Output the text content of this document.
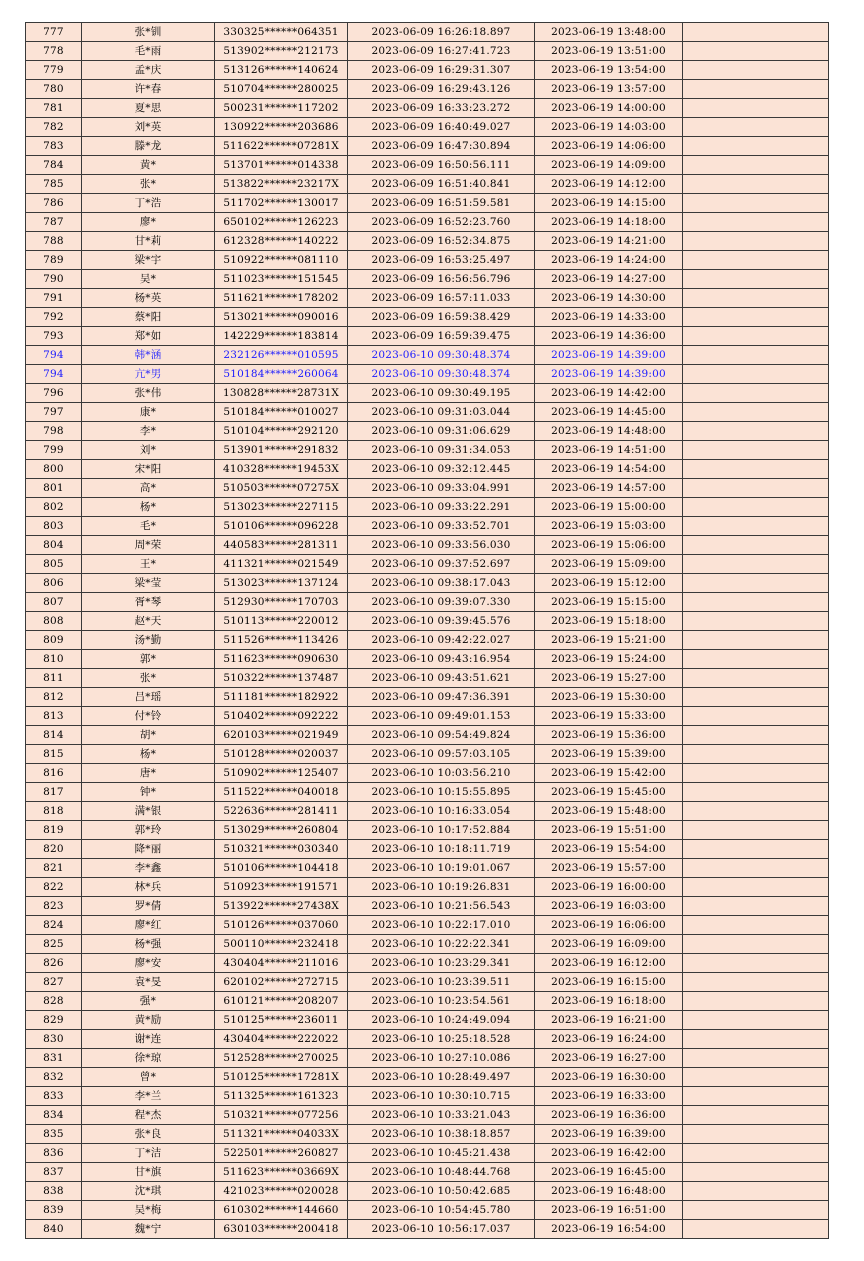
777	张*钏	330325******064351	2023-06-09 16:26:18.897	2023-06-19 13:48:00	
778	毛*雨	513902******212173	2023-06-09 16:27:41.723	2023-06-19 13:51:00	
779	孟*庆	513126******140624	2023-06-09 16:29:31.307	2023-06-19 13:54:00	
780	许*春	510704******280025	2023-06-09 16:29:43.126	2023-06-19 13:57:00	
781	夏*思	500231******117202	2023-06-09 16:33:23.272	2023-06-19 14:00:00	
782	刘*英	130922******203686	2023-06-09 16:40:49.027	2023-06-19 14:03:00	
783	滕*龙	511622******07281X	2023-06-09 16:47:30.894	2023-06-19 14:06:00	
784	黄*	513701******014338	2023-06-09 16:50:56.111	2023-06-19 14:09:00	
785	张*	513822******23217X	2023-06-09 16:51:40.841	2023-06-19 14:12:00	
786	丁*浩	511702******130017	2023-06-09 16:51:59.581	2023-06-19 14:15:00	
787	廖*	650102******126223	2023-06-09 16:52:23.760	2023-06-19 14:18:00	
788	甘*莉	612328******140222	2023-06-09 16:52:34.875	2023-06-19 14:21:00	
789	梁*宇	510922******081110	2023-06-09 16:53:25.497	2023-06-19 14:24:00	
790	吴*	511023******151545	2023-06-09 16:56:56.796	2023-06-19 14:27:00	
791	杨*英	511621******178202	2023-06-09 16:57:11.033	2023-06-19 14:30:00	
792	蔡*阳	513021******090016	2023-06-09 16:59:38.429	2023-06-19 14:33:00	
793	郑*如	142229******183814	2023-06-09 16:59:39.475	2023-06-19 14:36:00	
794	韩*涵	232126******010595	2023-06-10 09:30:48.374	2023-06-19 14:39:00	
794	亢*男	510184******260064	2023-06-10 09:30:48.374	2023-06-19 14:39:00	
796	张*伟	130828******28731X	2023-06-10 09:30:49.195	2023-06-19 14:42:00	
797	康*	510184******010027	2023-06-10 09:31:03.044	2023-06-19 14:45:00	
798	李*	510104******292120	2023-06-10 09:31:06.629	2023-06-19 14:48:00	
799	刘*	513901******291832	2023-06-10 09:31:34.053	2023-06-19 14:51:00	
800	宋*阳	410328******19453X	2023-06-10 09:32:12.445	2023-06-19 14:54:00	
801	高*	510503******07275X	2023-06-10 09:33:04.991	2023-06-19 14:57:00	
802	杨*	513023******227115	2023-06-10 09:33:22.291	2023-06-19 15:00:00	
803	毛*	510106******096228	2023-06-10 09:33:52.701	2023-06-19 15:03:00	
804	周*荣	440583******281311	2023-06-10 09:33:56.030	2023-06-19 15:06:00	
805	王*	411321******021549	2023-06-10 09:37:52.697	2023-06-19 15:09:00	
806	梁*莹	513023******137124	2023-06-10 09:38:17.043	2023-06-19 15:12:00	
807	胥*琴	512930******170703	2023-06-10 09:39:07.330	2023-06-19 15:15:00	
808	赵*天	510113******220012	2023-06-10 09:39:45.576	2023-06-19 15:18:00	
809	汤*勤	511526******113426	2023-06-10 09:42:22.027	2023-06-19 15:21:00	
810	郭*	511623******090630	2023-06-10 09:43:16.954	2023-06-19 15:24:00	
811	张*	510322******137487	2023-06-10 09:43:51.621	2023-06-19 15:27:00	
812	吕*瑶	511181******182922	2023-06-10 09:47:36.391	2023-06-19 15:30:00	
813	付*铃	510402******092222	2023-06-10 09:49:01.153	2023-06-19 15:33:00	
814	胡*	620103******021949	2023-06-10 09:54:49.824	2023-06-19 15:36:00	
815	杨*	510128******020037	2023-06-10 09:57:03.105	2023-06-19 15:39:00	
816	唐*	510902******125407	2023-06-10 10:03:56.210	2023-06-19 15:42:00	
817	钟*	511522******040018	2023-06-10 10:15:55.895	2023-06-19 15:45:00	
818	满*银	522636******281411	2023-06-10 10:16:33.054	2023-06-19 15:48:00	
819	郭*玲	513029******260804	2023-06-10 10:17:52.884	2023-06-19 15:51:00	
820	降*丽	510321******030340	2023-06-10 10:18:11.719	2023-06-19 15:54:00	
821	李*鑫	510106******104418	2023-06-10 10:19:01.067	2023-06-19 15:57:00	
822	林*兵	510923******191571	2023-06-10 10:19:26.831	2023-06-19 16:00:00	
823	罗*倩	513922******27438X	2023-06-10 10:21:56.543	2023-06-19 16:03:00	
824	廖*红	510126******037060	2023-06-10 10:22:17.010	2023-06-19 16:06:00	
825	杨*强	500110******232418	2023-06-10 10:22:22.341	2023-06-19 16:09:00	
826	廖*安	430404******211016	2023-06-10 10:23:29.341	2023-06-19 16:12:00	
827	袁*旻	620102******272715	2023-06-10 10:23:39.511	2023-06-19 16:15:00	
828	强*	610121******208207	2023-06-10 10:23:54.561	2023-06-19 16:18:00	
829	黄*励	510125******236011	2023-06-10 10:24:49.094	2023-06-19 16:21:00	
830	谢*连	430404******222022	2023-06-10 10:25:18.528	2023-06-19 16:24:00	
831	徐*琼	512528******270025	2023-06-10 10:27:10.086	2023-06-19 16:27:00	
832	曾*	510125******17281X	2023-06-10 10:28:49.497	2023-06-19 16:30:00	
833	李*兰	511325******161323	2023-06-10 10:30:10.715	2023-06-19 16:33:00	
834	程*杰	510321******077256	2023-06-10 10:33:21.043	2023-06-19 16:36:00	
835	张*良	511321******04033X	2023-06-10 10:38:18.857	2023-06-19 16:39:00	
836	丁*洁	522501******260827	2023-06-10 10:45:21.438	2023-06-19 16:42:00	
837	甘*旗	511623******03669X	2023-06-10 10:48:44.768	2023-06-19 16:45:00	
838	沈*琪	421023******020028	2023-06-10 10:50:42.685	2023-06-19 16:48:00	
839	吴*梅	610302******144660	2023-06-10 10:54:45.780	2023-06-19 16:51:00	
840	魏*宁	630103******200418	2023-06-10 10:56:17.037	2023-06-19 16:54:00	
